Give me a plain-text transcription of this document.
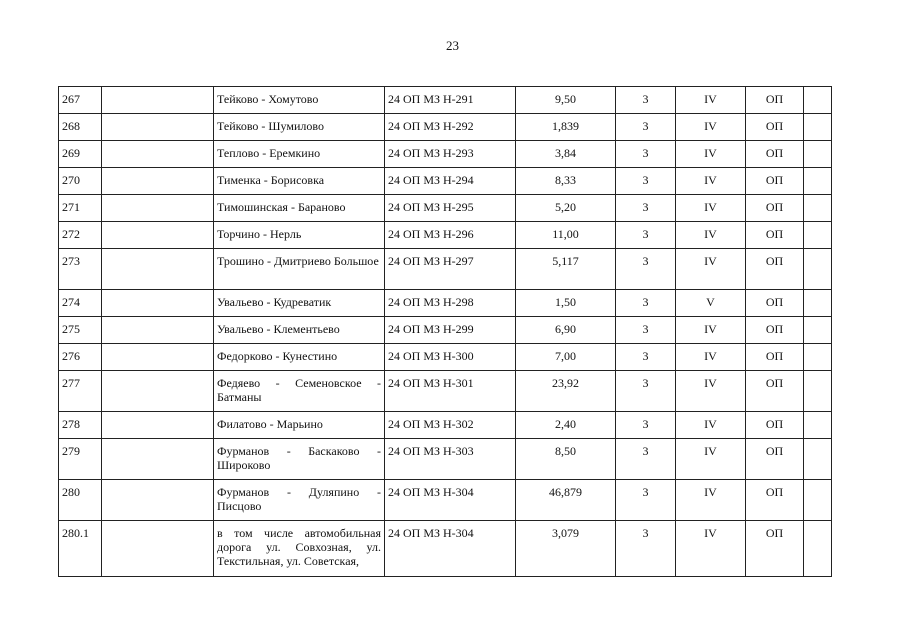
23
267		Тейково - Хомутово	24 ОП МЗ Н-291	9,50	3	IV	ОП	
268		Тейково - Шумилово	24 ОП МЗ Н-292	1,839	3	IV	ОП	
269		Теплово - Еремкино	24 ОП МЗ Н-293	3,84	3	IV	ОП	
270		Тименка - Борисовка	24 ОП МЗ Н-294	8,33	3	IV	ОП	
271		Тимошинская - Бараново	24 ОП МЗ Н-295	5,20	3	IV	ОП	
272		Торчино - Нерль	24 ОП МЗ Н-296	11,00	3	IV	ОП	
273		Трошино - Дмитриево Большое	24 ОП МЗ Н-297	5,117	3	IV	ОП	
274		Увальево - Кудреватик	24 ОП МЗ Н-298	1,50	3	V	ОП	
275		Увальево - Клементьево	24 ОП МЗ Н-299	6,90	3	IV	ОП	
276		Федорково - Кунестино	24 ОП МЗ Н-300	7,00	3	IV	ОП	
277		Федяево - Семеновское - Батманы	24 ОП МЗ Н-301	23,92	3	IV	ОП	
278		Филатово - Марьино	24 ОП МЗ Н-302	2,40	3	IV	ОП	
279		Фурманов - Баскаково - Широково	24 ОП МЗ Н-303	8,50	3	IV	ОП	
280		Фурманов - Дуляпино - Писцово	24 ОП МЗ Н-304	46,879	3	IV	ОП	
280.1		в том числе автомобильная дорога ул. Совхозная, ул. Текстильная, ул. Советская,	24 ОП МЗ Н-304	3,079	3	IV	ОП	
